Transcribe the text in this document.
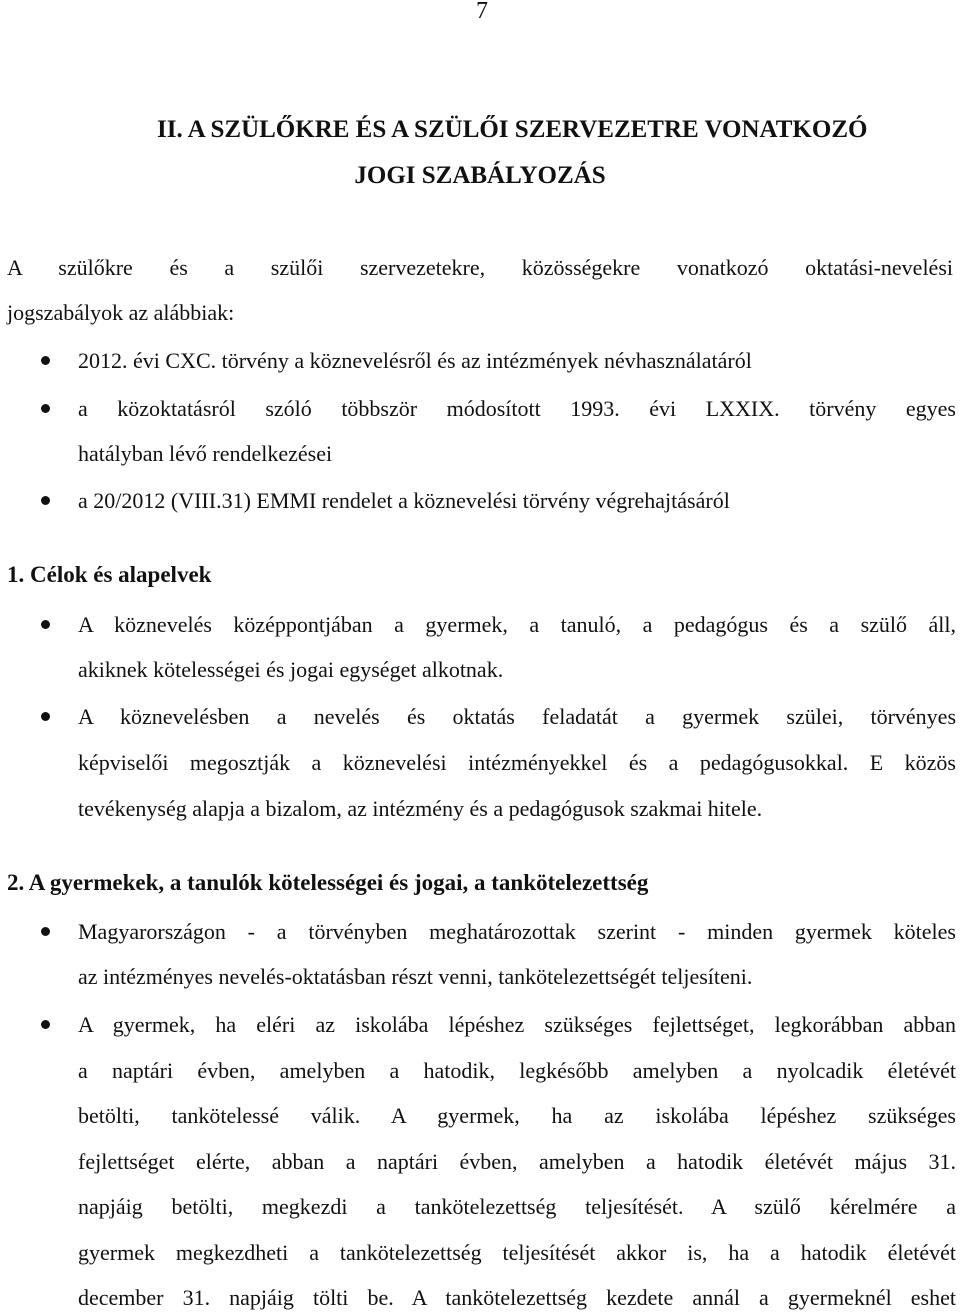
7
II. A SZÜLŐKRE ÉS A SZÜLŐI SZERVEZETRE VONATKOZÓ
JOGI SZABÁLYOZÁS
A szülőkre és a szülői szervezetekre, közösségekre vonatkozó oktatási-nevelési
jogszabályok az alábbiak:
2012. évi CXC. törvény a köznevelésről és az intézmények névhasználatáról
a közoktatásról szóló többször módosított 1993. évi LXXIX. törvény egyes
hatályban lévő rendelkezései
a 20/2012 (VIII.31) EMMI rendelet a köznevelési törvény végrehajtásáról
1. Célok és alapelvek
A köznevelés középpontjában a gyermek, a tanuló, a pedagógus és a szülő áll,
akiknek kötelességei és jogai egységet alkotnak.
A köznevelésben a nevelés és oktatás feladatát a gyermek szülei, törvényes
képviselői megosztják a köznevelési intézményekkel és a pedagógusokkal. E közös
tevékenység alapja a bizalom, az intézmény és a pedagógusok szakmai hitele.
2. A gyermekek, a tanulók kötelességei és jogai, a tankötelezettség
Magyarországon - a törvényben meghatározottak szerint - minden gyermek köteles
az intézményes nevelés-oktatásban részt venni, tankötelezettségét teljesíteni.
A gyermek, ha eléri az iskolába lépéshez szükséges fejlettséget, legkorábban abban
a naptári évben, amelyben a hatodik, legkésőbb amelyben a nyolcadik életévét
betölti, tankötelessé válik. A gyermek, ha az iskolába lépéshez szükséges
fejlettséget elérte, abban a naptári évben, amelyben a hatodik életévét május 31.
napjáig betölti, megkezdi a tankötelezettség teljesítését. A szülő kérelmére a
gyermek megkezdheti a tankötelezettség teljesítését akkor is, ha a hatodik életévét
december 31. napjáig tölti be. A tankötelezettség kezdete annál a gyermeknél eshet
